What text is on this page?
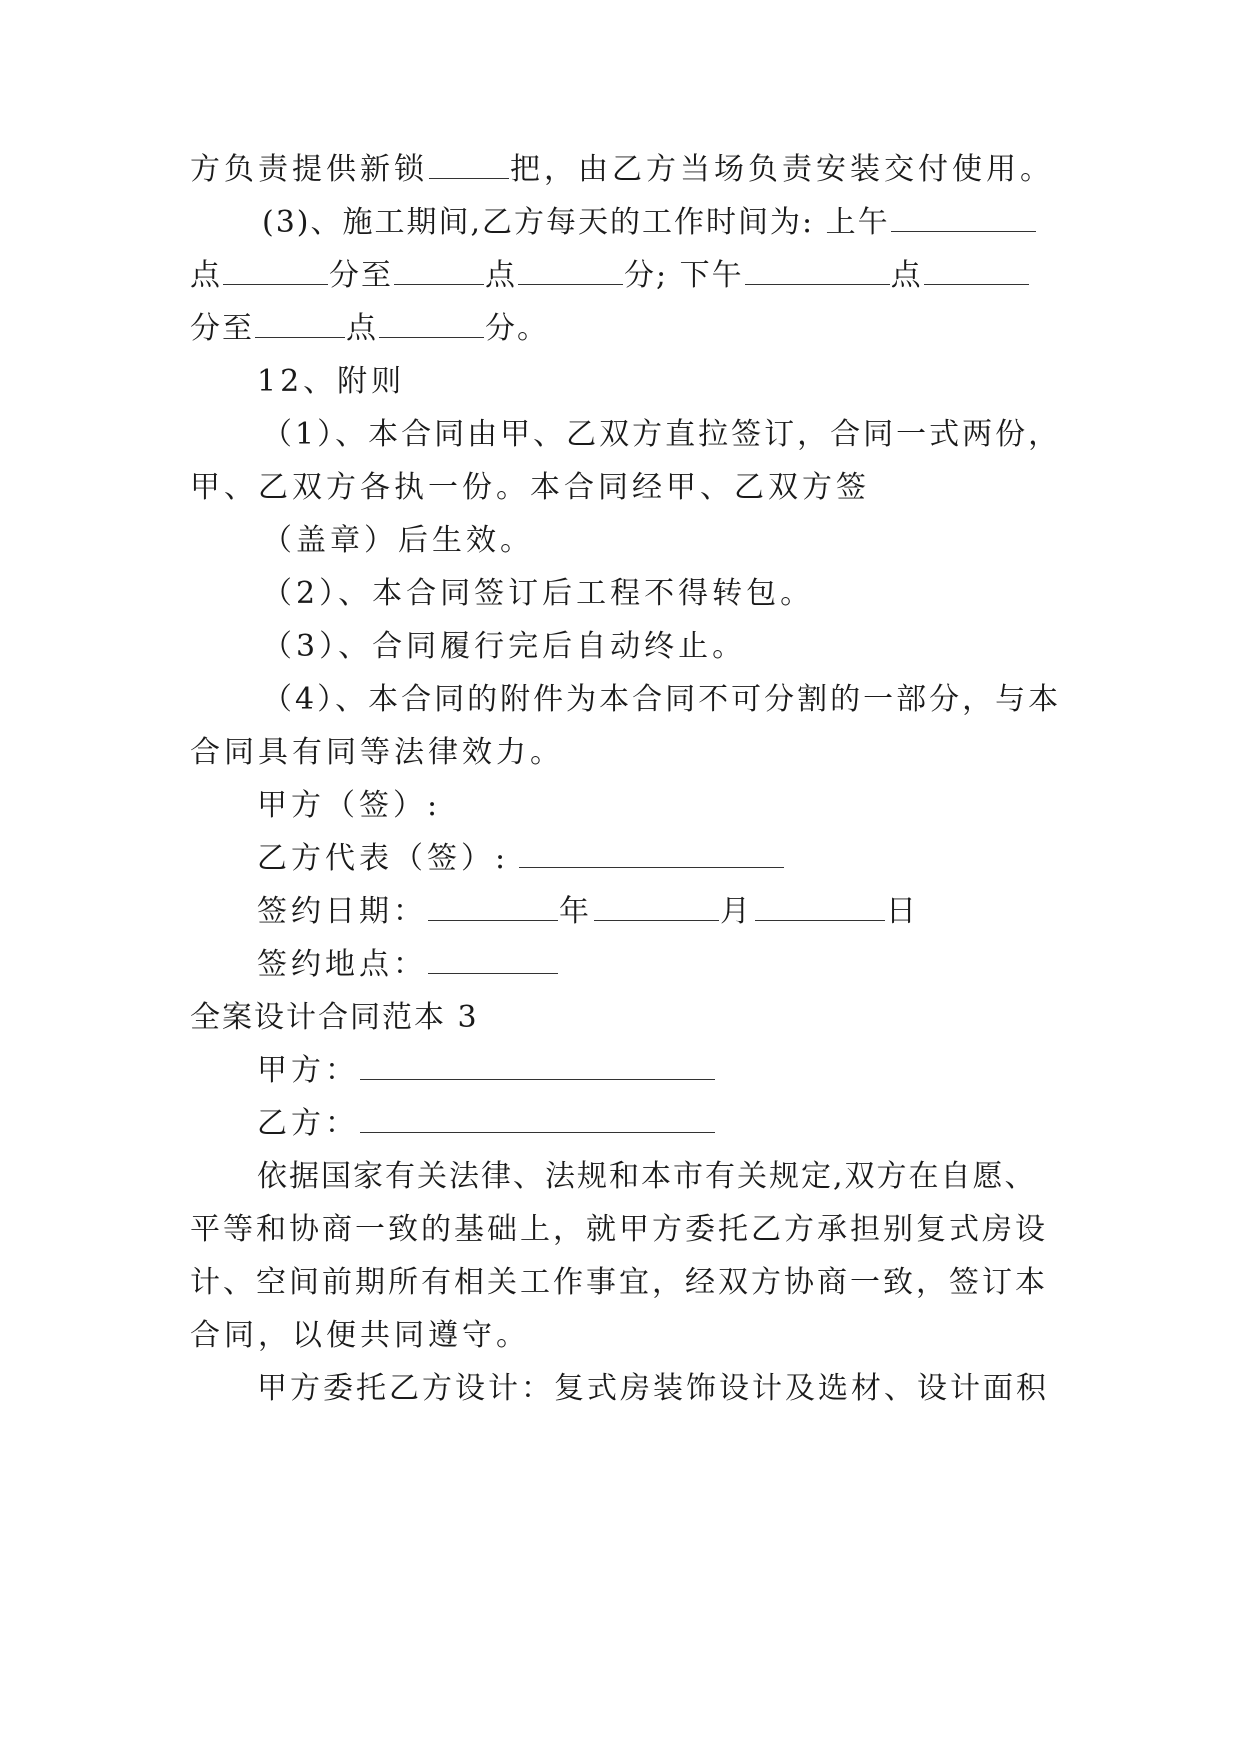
方负责提供新锁	把，由乙方当场负责安装交付使用。
(3)、施工期间,乙方每天的工作时间为: 上午
点	分至	点	分; 下午	点
分至	点	分。
12、附则
（1）、本合同由甲、乙双方直拉签订，合同一式两份，
甲、乙双方各执一份。本合同经甲、乙双方签
（盖章）后生效。
（2）、本合同签订后工程不得转包。
（3）、合同履行完后自动终止。
（4）、本合同的附件为本合同不可分割的一部分，与本
合同具有同等法律效力。
甲方（签）:
乙方代表（签）:
签约日期：	年	月	日
签约地点：
全案设计合同范本 3
甲方：
乙方：
依据国家有关法律、法规和本市有关规定,双方在自愿、
平等和协商一致的基础上，就甲方委托乙方承担别复式房设
计、空间前期所有相关工作事宜，经双方协商一致，签订本
合同，以便共同遵守。
甲方委托乙方设计：复式房装饰设计及选材、设计面积
